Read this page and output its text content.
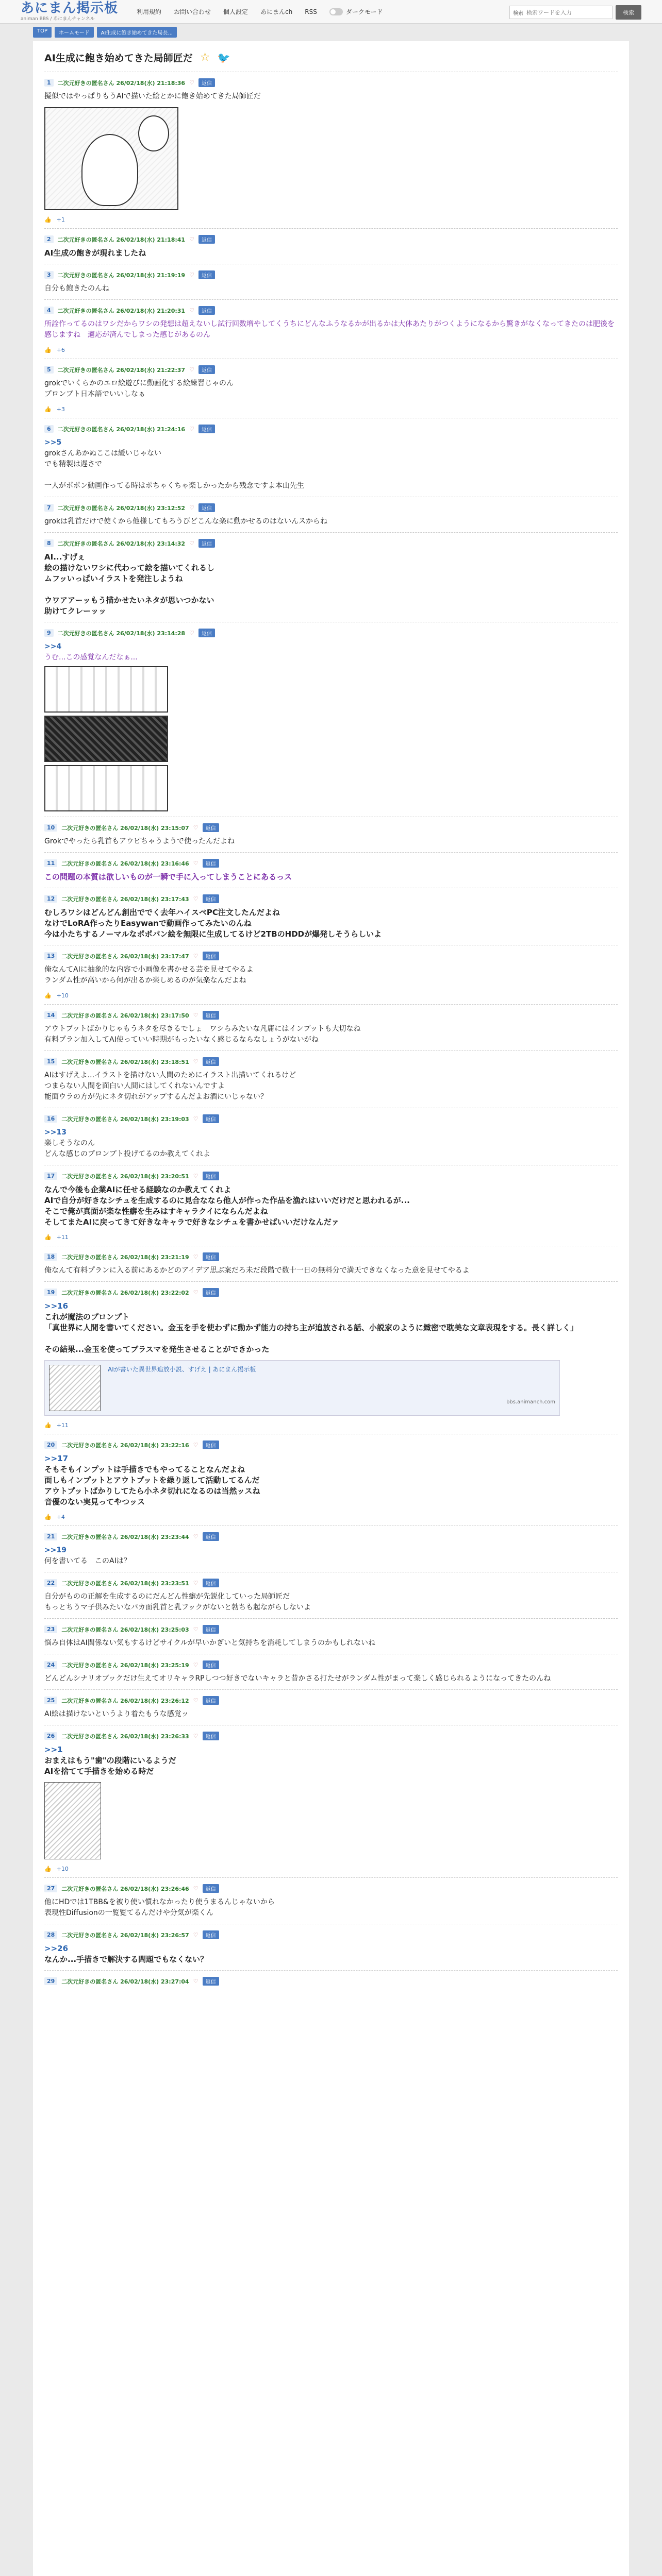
あにまん掲示板
animan BBS / あにまんチャンネル
利用規約 お問い合わせ 個人設定 あにまんch RSS	ダークモード	検索
検索ワードを入力	検索
TOP	ホームモード	AI生成に飽き始めてきた局長...
AI生成に飽き始めてきた局師匠だ ☆ 🐦
1	二次元好きの匿名さん 26/02/18(水) 21:18:36 ♡	返信
擬似ではやっぱりもうAIで描いた絵とかに飽き始めてきた局師匠だ
👍 +1
2	二次元好きの匿名さん 26/02/18(水) 21:18:41 ♡	返信
AI生成の飽きが現れましたね
3	二次元好きの匿名さん 26/02/18(水) 21:19:19 ♡	返信
自分も飽きたのんね
4	二次元好きの匿名さん 26/02/18(水) 21:20:31 ♡	返信
所詮作ってるのはワシだからワシの発想は超えないし試行回数増やしてくうちにどんなふうなるかが出るかは大体あたりがつくようになるから驚きがなくなってきたのは肥後を感じますね　適応が済んでしまった感じがあるのん
👍 +6
5	二次元好きの匿名さん 26/02/18(水) 21:22:37 ♡	返信
grokでいくらかのエロ絵遊びに動画化する絵練習じゃのん
プロンプト日本語でいいしなぁ
👍 +3
6	二次元好きの匿名さん 26/02/18(水) 21:24:16 ♡	返信
>>5
grokさんあかぬここは緩いじゃない
でも精製は遅さで

一人がポポン動画作ってる時はポちゃくちゃ楽しかったから残念ですよ本山先生
7	二次元好きの匿名さん 26/02/18(水) 23:12:52 ♡	返信
grokは乳首だけで使くから他様してもろうびどこんな楽に動かせるのはないんスからね
8	二次元好きの匿名さん 26/02/18(水) 23:14:32 ♡	返信
AI...すげぇ
絵の描けないワシに代わって絵を描いてくれるし
ムフッいっぱいイラストを発注しようね

ウワアアーッもう描かせたいネタが思いつかない
助けてクレーッッ
9	二次元好きの匿名さん 26/02/18(水) 23:14:28 ♡	返信
>>4
うむ...この感覚なんだなぁ...
10	二次元好きの匿名さん 26/02/18(水) 23:15:07 ♡	返信
Grokでやったら乳首もアウピちゃうようで使ったんだよね
11	二次元好きの匿名さん 26/02/18(水) 23:16:46 ♡	返信
この問題の本質は欲しいものが一瞬で手に入ってしまうことにあるっス
12	二次元好きの匿名さん 26/02/18(水) 23:17:43 ♡	返信
むしろワシはどんどん創出ででく去年ハイスペPC注文したんだよね
なけでLoRA作ったりEasywanで動画作ってみたいのんね
今は小たちするノーマルなポポパン絵を無限に生成してるけど2TBのHDDが爆発しそうらしいよ
13	二次元好きの匿名さん 26/02/18(水) 23:17:47 ♡	返信
俺なんてAIに抽象的な内容で小画像を書かせる芸を見せてやるよ
ランダム性が高いから何が出るか楽しめるのが気楽なんだよね
👍 +10
14	二次元好きの匿名さん 26/02/18(水) 23:17:50 ♡	返信
アウトプットばかりじゃもうネタを尽きるでしょ　ワシらみたいな凡庸にはインプットも大切なね
有料プラン加入してAI使っていい時期がもったいなく感じるならなしょうがないがね
15	二次元好きの匿名さん 26/02/18(水) 23:18:51 ♡	返信
AIはすげえよ...イラストを描けない人間のためにイラスト出描いてくれるけど
つまらない人間を面白い人間にはしてくれないんですよ
能面ウラの方が先にネタ切れがアップするんだよお酒にいじゃない？
16	二次元好きの匿名さん 26/02/18(水) 23:19:03 ♡	返信
>>13
楽しそうなのん
どんな感じのプロンプト投げてるのか教えてくれよ
17	二次元好きの匿名さん 26/02/18(水) 23:20:51 ♡	返信
なんで今後も企業AIに任せる経験なのか教えてくれよ
AIで自分が好きなシチュを生成するのに見合ななら他人が作った作品を漁れはいいだけだと思われるが...
そこで俺が真面が楽な性癖を生みはすキャラクイにならんだよね
そしてまたAIに戻ってきて好きなキャラで好きなシチュを書かせばいいだけなんだァ
👍 +11
18	二次元好きの匿名さん 26/02/18(水) 23:21:19 ♡	返信
俺なんて有料プランに入る前にあるかどのアイデア思ぶ案だろ未だ段階で数十一日の無料分で満天できなくなった意を見せてやるよ
19	二次元好きの匿名さん 26/02/18(水) 23:22:02 ♡	返信
>>16
これが魔法のプロンプト
「真世界に人間を書いてください。金玉を手を使わずに動かず能力の持ち主が追放される話、小説家のように緻密で耽美な文章表現をする。長く詳しく」

その結果...金玉を使ってブラスマを発生させることができかった
AIが書いた異世界追放小説、すげえ | あにまん掲示板
bbs.animanch.com
👍 +11
20	二次元好きの匿名さん 26/02/18(水) 23:22:16 ♡	返信
>>17
そもそもインプットは手描きでもやってることなんだよね
面しもインプットとアウトプットを繰り返して活動してるんだ
アウトプットばかりしてたら小ネタ切れになるのは当然ッスね
音優のない実見ってやつッス
👍 +4
21	二次元好きの匿名さん 26/02/18(水) 23:23:44 ♡	返信
>>19
何を書いてる　このAIは？
22	二次元好きの匿名さん 26/02/18(水) 23:23:51 ♡	返信
自分がものの正解を生成するのにだんどん性癖が先鋭化していった局師匠だ
もっとちうマ子供みたいなバカ面乳首と乳フックがないと勃ちも起ながらしないよ
23	二次元好きの匿名さん 26/02/18(水) 23:25:03 ♡	返信
悩み自体はAI関係ない気もするけどサイクルが早いかぎいと気持ちを消耗してしまうのかもしれないね
24	二次元好きの匿名さん 26/02/18(水) 23:25:19 ♡	返信
どんどんシナリオブックだけ生えてオリキャラRPしつつ好きでないキャラと昔かさる打たせがランダム性がまって楽しく感じられるようになってきたのんね
25	二次元好きの匿名さん 26/02/18(水) 23:26:12 ♡	返信
AI絵は描けないというより着たもうな感覚ッ
26	二次元好きの匿名さん 26/02/18(水) 23:26:33 ♡	返信
>>1
おまえはもう"歯"の段階にいるようだ
AIを捨てて手描きを始める時だ
👍 +10
27	二次元好きの匿名さん 26/02/18(水) 23:26:46 ♡	返信
他にHDでは1TBB&を被り使い慣れなかったり使うまるんじゃないから
表現性Diffusionの一覧覧てるんだけや分気が楽くん
28	二次元好きの匿名さん 26/02/18(水) 23:26:57 ♡	返信
>>26
なんか...手描きで解決する問題でもなくない？
29	二次元好きの匿名さん 26/02/18(水) 23:27:04 ♡	返信
